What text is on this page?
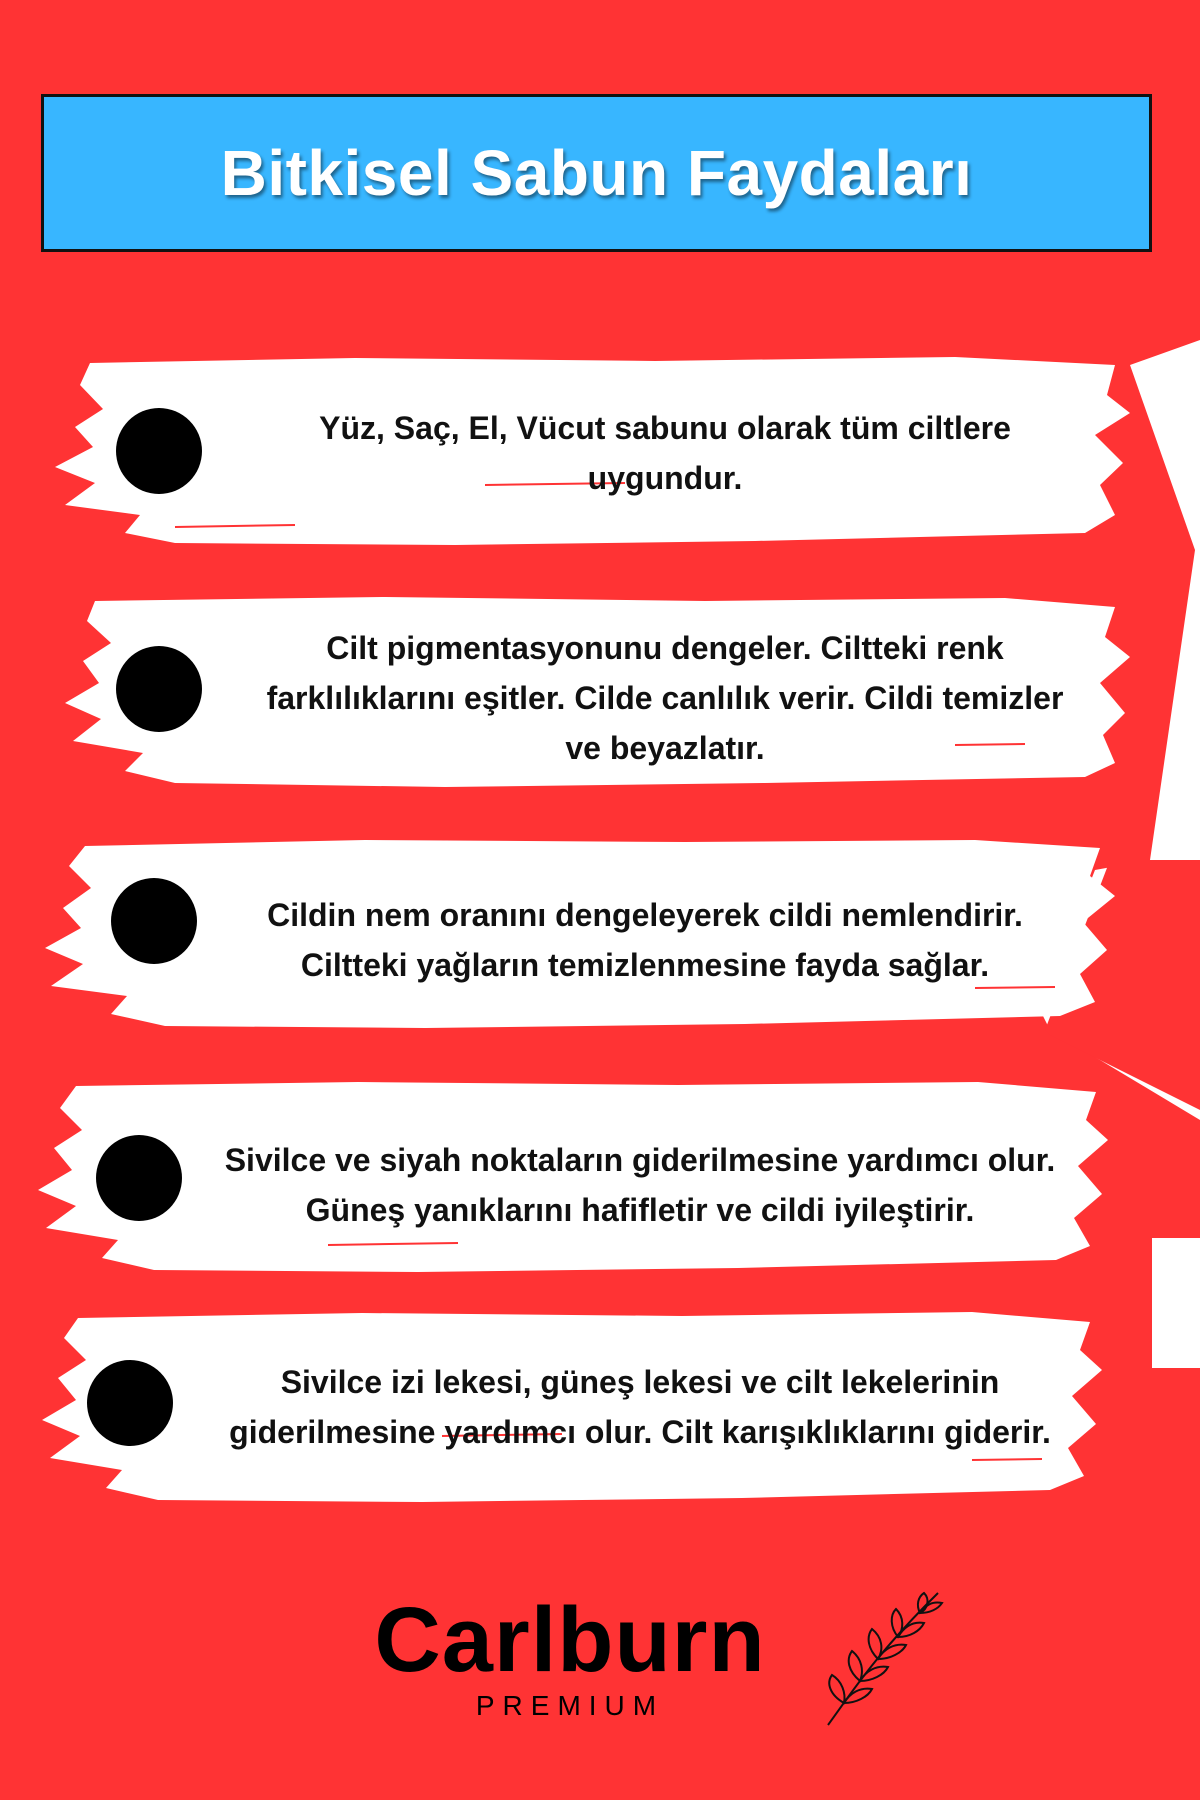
Bitkisel Sabun Faydaları

Yüz, Saç, El, Vücut sabunu olarak tüm ciltlere uygundur.

Cilt pigmentasyonunu dengeler. Ciltteki renk farklılıklarını eşitler. Cilde canlılık verir. Cildi temizler ve beyazlatır.

Cildin nem oranını dengeleyerek cildi nemlendirir. Ciltteki yağların temizlenmesine fayda sağlar.

Sivilce ve siyah noktaların giderilmesine yardımcı olur. Güneş yanıklarını hafifletir ve cildi iyileştirir.

Sivilce izi lekesi, güneş lekesi ve cilt lekelerinin giderilmesine yardımcı olur. Cilt karışıklıklarını giderir.

Carlburn
PREMIUM
